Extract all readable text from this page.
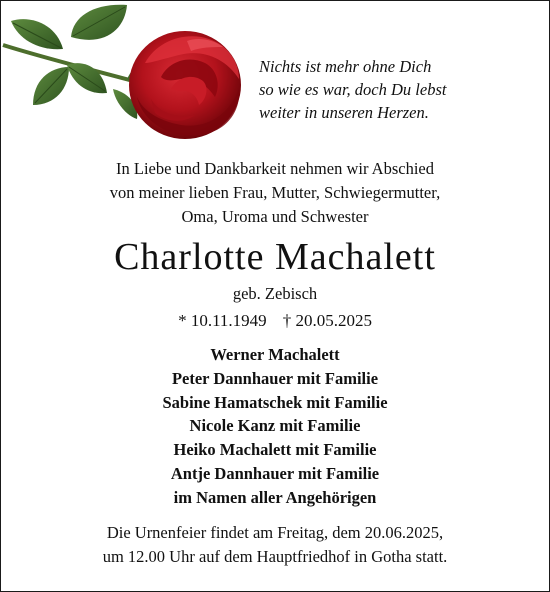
Nichts ist mehr ohne Dich
so wie es war, doch Du lebst
weiter in unseren Herzen.
In Liebe und Dankbarkeit nehmen wir Abschied
von meiner lieben Frau, Mutter, Schwiegermutter,
Oma, Uroma und Schwester
Charlotte Machalett
geb. Zebisch
* 10.11.1949 † 20.05.2025
Werner Machalett
Peter Dannhauer mit Familie
Sabine Hamatschek mit Familie
Nicole Kanz mit Familie
Heiko Machalett mit Familie
Antje Dannhauer mit Familie
im Namen aller Angehörigen
Die Urnenfeier findet am Freitag, dem 20.06.2025,
um 12.00 Uhr auf dem Hauptfriedhof in Gotha statt.
